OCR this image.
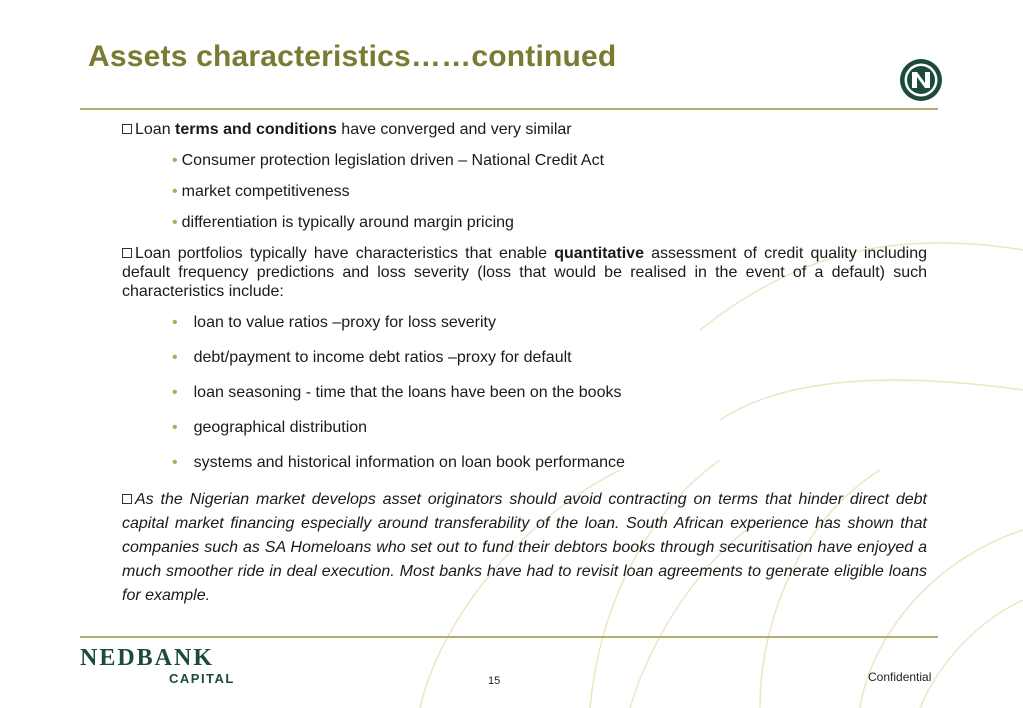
Assets characteristics……continued
Loan terms and conditions have converged and very similar
• Consumer protection legislation driven – National Credit Act
• market competitiveness
• differentiation is typically around margin pricing
Loan portfolios typically have characteristics that enable quantitative assessment of credit quality including default frequency predictions and loss severity (loss that would be realised in the event of a default) such characteristics include:
• loan to value ratios –proxy for loss severity
• debt/payment to income debt ratios –proxy for default
• loan seasoning - time that the loans have been on the books
• geographical distribution
• systems and historical information on loan book performance
As the Nigerian market develops asset originators should avoid contracting on terms that hinder direct debt capital market financing especially around transferability of the loan. South African experience has shown that companies such as SA Homeloans who set out to fund their debtors books through securitisation have enjoyed a much smoother ride in deal execution. Most banks have had to revisit loan agreements to generate eligible loans for example.
NEDBANK
CAPITAL	15	Confidential
